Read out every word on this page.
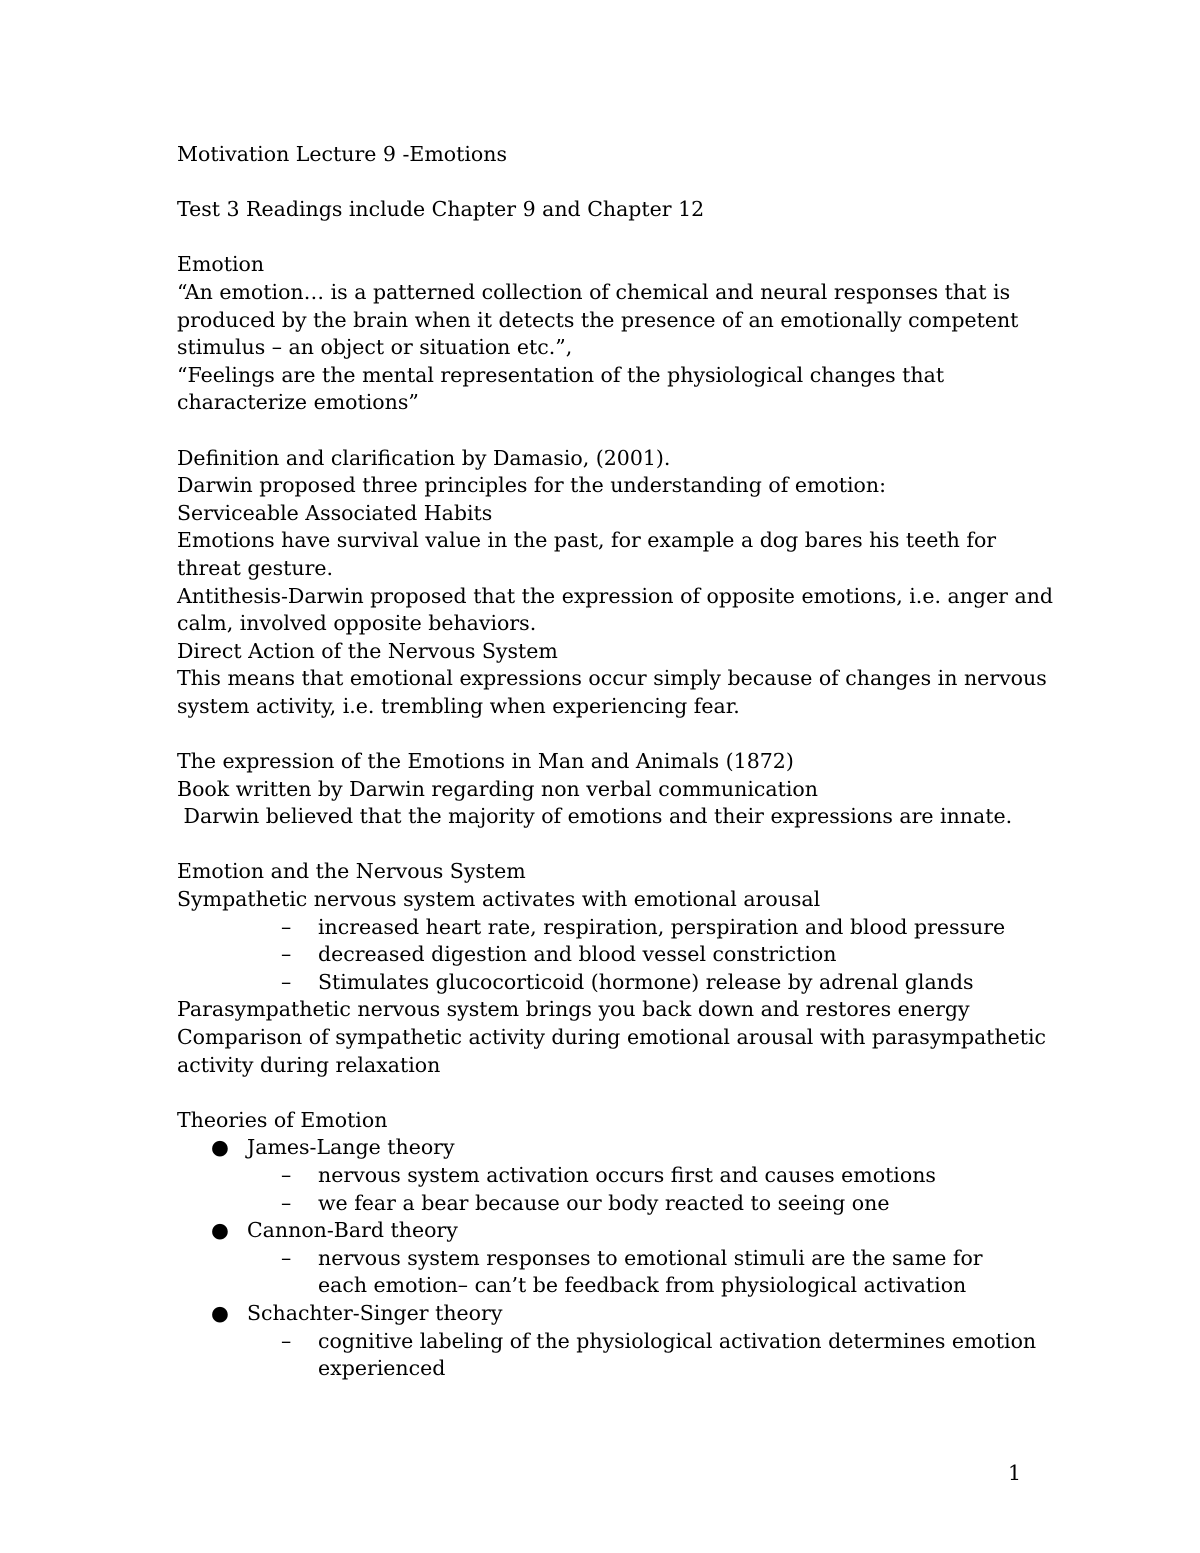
Motivation Lecture 9 -Emotions

Test 3 Readings include Chapter 9 and Chapter 12

Emotion

“An emotion… is a patterned collection of chemical and neural responses that is

produced by the brain when it detects the presence of an emotionally competent

stimulus – an object or situation etc.”,

“Feelings are the mental representation of the physiological changes that

characterize emotions”

Definition and clarification by Damasio, (2001).

Darwin proposed three principles for the understanding of emotion:

Serviceable Associated Habits

Emotions have survival value in the past, for example a dog bares his teeth for

threat gesture.

Antithesis-Darwin proposed that the expression of opposite emotions, i.e. anger and

calm, involved opposite behaviors.

Direct Action of the Nervous System

This means that emotional expressions occur simply because of changes in nervous

system activity, i.e. trembling when experiencing fear.

The expression of the Emotions in Man and Animals (1872)

Book written by Darwin regarding non verbal communication

Darwin believed that the majority of emotions and their expressions are innate.

Emotion and the Nervous System

Sympathetic nervous system activates with emotional arousal

– increased heart rate, respiration, perspiration and blood pressure
– decreased digestion and blood vessel constriction
– Stimulates glucocorticoid (hormone) release by adrenal glands

Parasympathetic nervous system brings you back down and restores energy

Comparison of sympathetic activity during emotional arousal with parasympathetic

activity during relaxation

Theories of Emotion

● James-Lange theory
– nervous system activation occurs first and causes emotions
– we fear a bear because our body reacted to seeing one
● Cannon-Bard theory
– nervous system responses to emotional stimuli are the same for each emotion– can’t be feedback from physiological activation
● Schachter-Singer theory
– cognitive labeling of the physiological activation determines emotion experienced
1
